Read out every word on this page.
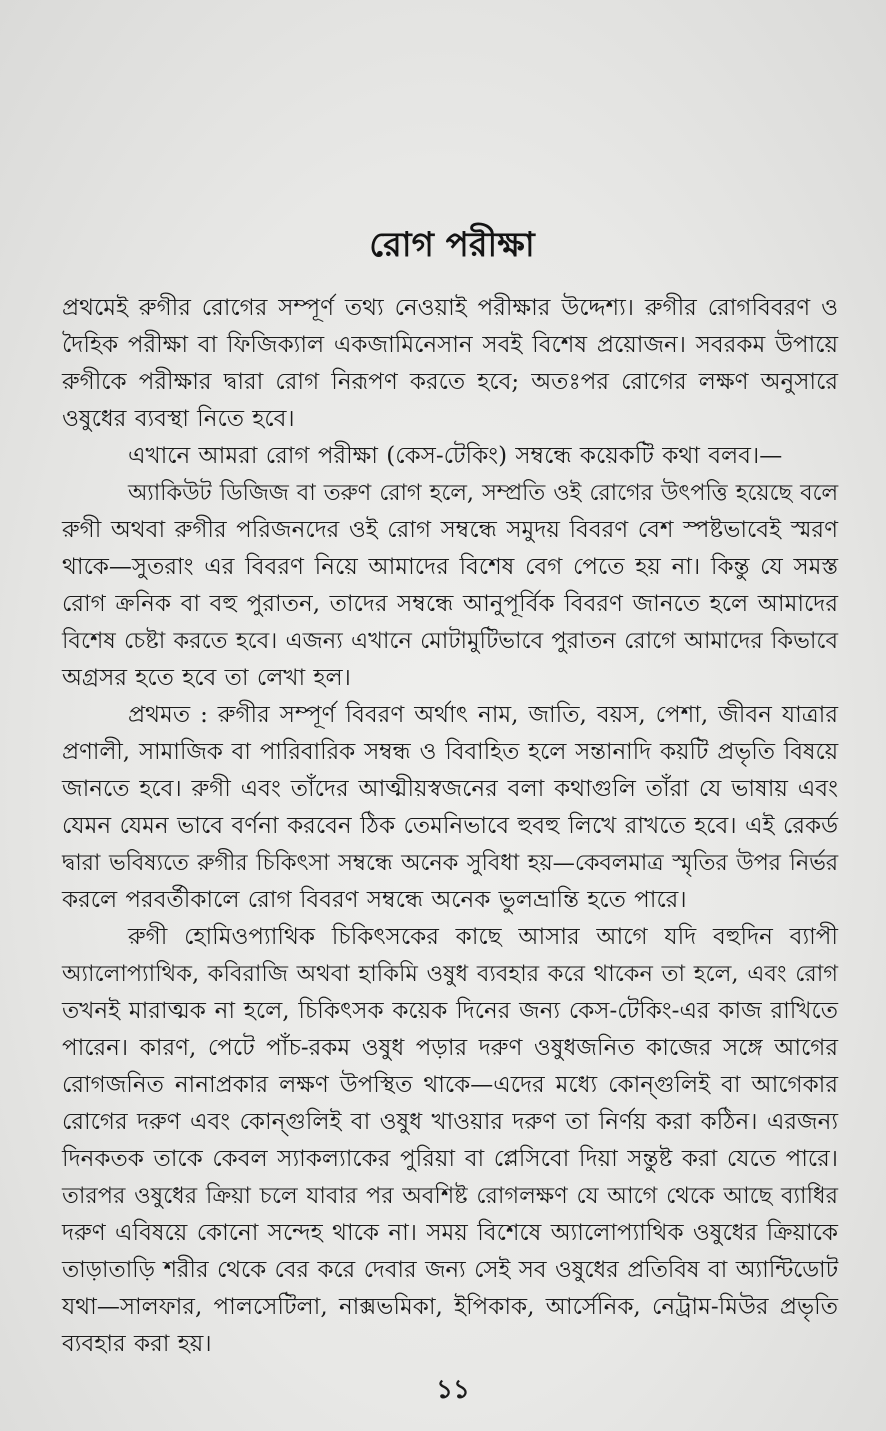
রোগ পরীক্ষা
প্রথমেই রুগীর রোগের সম্পূর্ণ তথ্য নেওয়াই পরীক্ষার উদ্দেশ্য। রুগীর রোগবিবরণ ও
দৈহিক পরীক্ষা বা ফিজিক্যাল একজামিনেসান সবই বিশেষ প্রয়োজন। সবরকম উপায়ে
রুগীকে পরীক্ষার দ্বারা রোগ নিরূপণ করতে হবে; অতঃপর রোগের লক্ষণ অনুসারে
ওষুধের ব্যবস্থা নিতে হবে।
এখানে আমরা রোগ পরীক্ষা (কেস-টেকিং) সম্বন্ধে কয়েকটি কথা বলব।—
অ্যাকিউট ডিজিজ বা তরুণ রোগ হলে, সম্প্রতি ওই রোগের উৎপত্তি হয়েছে বলে
রুগী অথবা রুগীর পরিজনদের ওই রোগ সম্বন্ধে সমুদয় বিবরণ বেশ স্পষ্টভাবেই স্মরণ
থাকে—সুতরাং এর বিবরণ নিয়ে আমাদের বিশেষ বেগ পেতে হয় না। কিন্তু যে সমস্ত
রোগ ক্রনিক বা বহু পুরাতন, তাদের সম্বন্ধে আনুপূর্বিক বিবরণ জানতে হলে আমাদের
বিশেষ চেষ্টা করতে হবে। এজন্য এখানে মোটামুটিভাবে পুরাতন রোগে আমাদের কিভাবে
অগ্রসর হতে হবে তা লেখা হল।
প্রথমত : রুগীর সম্পূর্ণ বিবরণ অর্থাৎ নাম, জাতি, বয়স, পেশা, জীবন যাত্রার
প্রণালী, সামাজিক বা পারিবারিক সম্বন্ধ ও বিবাহিত হলে সন্তানাদি কয়টি প্রভৃতি বিষয়ে
জানতে হবে। রুগী এবং তাঁদের আত্মীয়স্বজনের বলা কথাগুলি তাঁরা যে ভাষায় এবং
যেমন যেমন ভাবে বর্ণনা করবেন ঠিক তেমনিভাবে হুবহু লিখে রাখতে হবে। এই রেকর্ড
দ্বারা ভবিষ্যতে রুগীর চিকিৎসা সম্বন্ধে অনেক সুবিধা হয়—কেবলমাত্র স্মৃতির উপর নির্ভর
করলে পরবর্তীকালে রোগ বিবরণ সম্বন্ধে অনেক ভুলভ্রান্তি হতে পারে।
রুগী হোমিওপ্যাথিক চিকিৎসকের কাছে আসার আগে যদি বহুদিন ব্যাপী
অ্যালোপ্যাথিক, কবিরাজি অথবা হাকিমি ওষুধ ব্যবহার করে থাকেন তা হলে, এবং রোগ
তখনই মারাত্মক না হলে, চিকিৎসক কয়েক দিনের জন্য কেস-টেকিং-এর কাজ রাখিতে
পারেন। কারণ, পেটে পাঁচ-রকম ওষুধ পড়ার দরুণ ওষুধজনিত কাজের সঙ্গে আগের
রোগজনিত নানাপ্রকার লক্ষণ উপস্থিত থাকে—এদের মধ্যে কোন্‌গুলিই বা আগেকার
রোগের দরুণ এবং কোন্‌গুলিই বা ওষুধ খাওয়ার দরুণ তা নির্ণয় করা কঠিন। এরজন্য
দিনকতক তাকে কেবল স্যাকল্যাকের পুরিয়া বা প্লেসিবো দিয়া সন্তুষ্ট করা যেতে পারে।
তারপর ওষুধের ক্রিয়া চলে যাবার পর অবশিষ্ট রোগলক্ষণ যে আগে থেকে আছে ব্যাধির
দরুণ এবিষয়ে কোনো সন্দেহ থাকে না। সময় বিশেষে অ্যালোপ্যাথিক ওষুধের ক্রিয়াকে
তাড়াতাড়ি শরীর থেকে বের করে দেবার জন্য সেই সব ওষুধের প্রতিবিষ বা অ্যান্টিডোট
যথা—সালফার, পালসেটিলা, নাক্সভমিকা, ইপিকাক, আর্সেনিক, নেট্রাম-মিউর প্রভৃতি
ব্যবহার করা হয়।
১১
